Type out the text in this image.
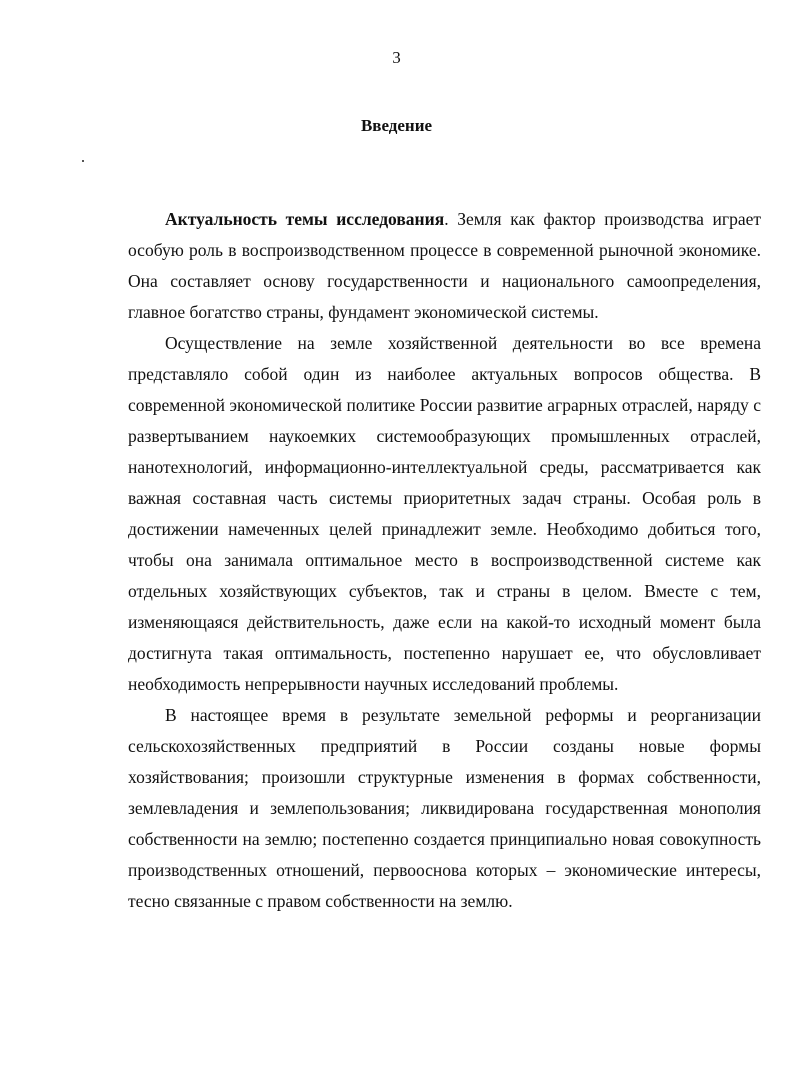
3
Введение

Актуальность темы исследования. Земля как фактор производства играет особую роль в воспроизводственном процессе в современной рыночной экономике. Она составляет основу государственности и национального самоопределения, главное богатство страны, фундамент экономической системы.

Осуществление на земле хозяйственной деятельности во все времена представляло собой один из наиболее актуальных вопросов общества. В современной экономической политике России развитие аграрных отраслей, наряду с развертыванием наукоемких системообразующих промышленных отраслей, нанотехнологий, информационно-интеллектуальной среды, рассматривается как важная составная часть системы приоритетных задач страны. Особая роль в достижении намеченных целей принадлежит земле. Необходимо добиться того, чтобы она занимала оптимальное место в воспроизводственной системе как отдельных хозяйствующих субъектов, так и страны в целом. Вместе с тем, изменяющаяся действительность, даже если на какой-то исходный момент была достигнута такая оптимальность, постепенно нарушает ее, что обусловливает необходимость непрерывности научных исследований проблемы.

В настоящее время в результате земельной реформы и реорганизации сельскохозяйственных предприятий в России созданы новые формы хозяйствования; произошли структурные изменения в формах собственности, землевладения и землепользования; ликвидирована государственная монополия собственности на землю; постепенно создается принципиально новая совокупность производственных отношений, первооснова которых – экономические интересы, тесно связанные с правом собственности на землю.
